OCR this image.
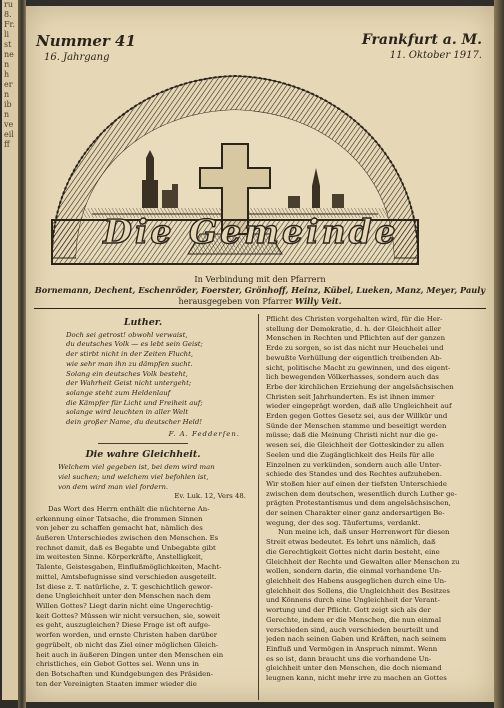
ru
8.
Fr.
li
st
ne
n
h
er
n
ib
n
ve
eil
ff
Nummer 41
16. Jahrgang
Frankfurt a. M.
11. Oktober 1917.
Die Gemeinde
In Verbindung mit den Pfarrern
Bornemann, Dechent, Eschenröder, Foerster, Grönhoff, Heinz, Kübel, Lueken, Manz, Meyer, Pauly
herausgegeben von Pfarrer Willy Veit.
Luther.
Doch sei getrost! obwohl verwaist,
du deutsches Volk — es lebt sein Geist;
der stirbt nicht in der Zeiten Flucht,
wie sehr man ihn zu dämpfen sucht.
Solang ein deutsches Volk besteht,
der Wahrheit Geist nicht untergeht;
solange steht zum Heldenlauf
die Kämpfer für Licht und Freiheit auf;
solange wird leuchten in aller Welt
dein großer Name, du deutscher Held!
F. A. Fedderſen.
Die wahre Gleichheit.
Welchem viel gegeben ist, bei dem wird man
viel suchen; und welchem viel befohlen ist,
von dem wird man viel fordern.
Ev. Luk. 12, Vers 48.
Das Wort des Herrn enthält die nüchterne An-
erkennung einer Tatsache, die frommen Sinnen
von jeher zu schaffen gemacht hat, nämlich des
äußeren Unterschiedes zwischen den Menschen. Es
rechnet damit, daß es Begabte und Unbegabte gibt
im weitesten Sinne. Körperkräfte, Anstelligkeit,
Talente, Geistesgaben, Einflußmöglichkeiten, Macht-
mittel, Amtsbefugnisse sind verschieden ausgeteilt.
Ist diese z. T. natürliche, z. T. geschichtlich gewor-
dene Ungleichheit unter den Menschen nach dem
Willen Gottes? Liegt darin nicht eine Ungerechtig-
keit Gottes? Müssen wir nicht versuchen, sie, soweit
es geht, auszugleichen? Diese Frage ist oft aufge-
worfen worden, und ernste Christen haben darüber
gegrübelt, ob nicht das Ziel einer möglichen Gleich-
heit auch in äußeren Dingen unter den Menschen ein
christliches, ein Gebot Gottes sei. Wenn uns in
den Botschaften und Kundgebungen des Präsiden-
ten der Vereinigten Staaten immer wieder die
Pflicht des Christen vorgehalten wird, für die Her-
stellung der Demokratie, d. h. der Gleichheit aller
Menschen in Rechten und Pflichten auf der ganzen
Erde zu sorgen, so ist das nicht nur Heuchelei und
bewußte Verhüllung der eigentlich treibenden Ab-
sicht, politische Macht zu gewinnen, und des eigent-
lich bewegenden Völkerhasses, sondern auch das
Erbe der kirchlichen Erziehung der angelsächsischen
Christen seit Jahrhunderten. Es ist ihnen immer
wieder eingeprägt worden, daß alle Ungleichheit auf
Erden gegen Gottes Gesetz sei, aus der Willkür und
Sünde der Menschen stamme und beseitigt werden
müsse; daß die Meinung Christi nicht nur die ge-
wesen sei, die Gleichheit der Gotteskinder zu allen
Seelen und die Zugänglichkeit des Heils für alle
Einzelnen zu verkünden, sondern auch alle Unter-
schiede des Standes und des Rechtes aufzuheben.
Wir stoßen hier auf einen der tiefsten Unterschiede
zwischen dem deutschen, wesentlich durch Luther ge-
prägten Protestantismus und dem angelsächsischen,
der seinen Charakter einer ganz andersartigen Be-
wegung, der des sog. Täufertums, verdankt.
Nun meine ich, daß unser Herrenwort für diesen
Streit etwas bedeutet. Es lehrt uns nämlich, daß
die Gerechtigkeit Gottes nicht darin besteht, eine
Gleichheit der Rechte und Gewalten aller Menschen zu
wollen, sondern darin, die einmal vorhandene Un-
gleichheit des Habens ausgeglichen durch eine Un-
gleichheit des Sollens, die Ungleichheit des Besitzes
und Könnens durch eine Ungleichheit der Verant-
wortung und der Pflicht. Gott zeigt sich als der
Gerechte, indem er die Menschen, die nun einmal
verschieden sind, auch verschieden beurteilt und
jeden nach seinen Gaben und Kräften, nach seinem
Einfluß und Vermögen in Anspruch nimmt. Wenn
es so ist, dann braucht uns die vorhandene Un-
gleichheit unter den Menschen, die doch niemand
leugnen kann, nicht mehr irre zu machen an Gottes
